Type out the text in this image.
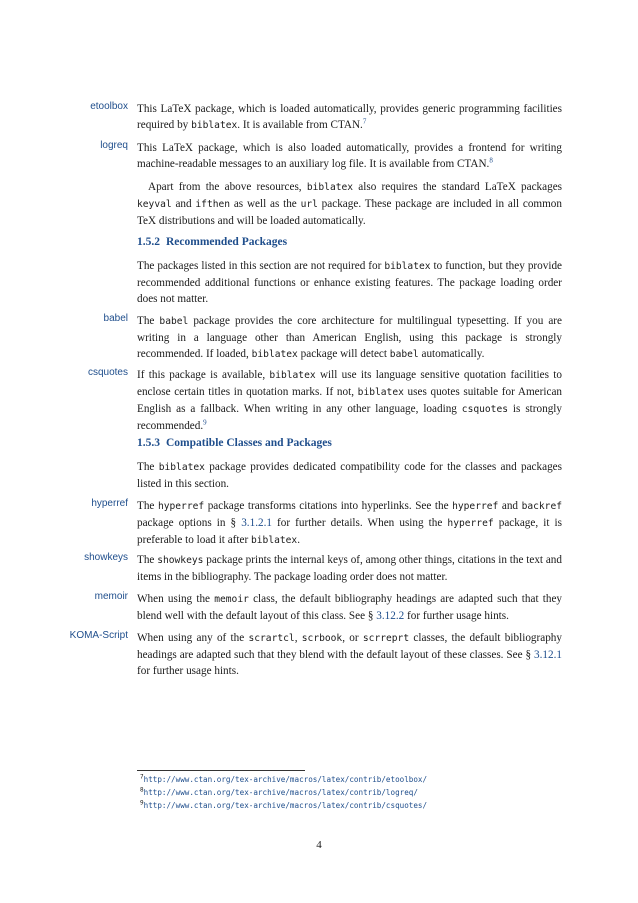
etoolbox This LaTeX package, which is loaded automatically, provides generic programming facilities required by biblatex. It is available from CTAN.$^7$
logreq This LaTeX package, which is also loaded automatically, provides a frontend for writing machine-readable messages to an auxiliary log file. It is available from CTAN.$^8$
Apart from the above resources, biblatex also requires the standard LaTeX packages keyval and ifthen as well as the url package. These package are included in all common TeX distributions and will be loaded automatically.
1.5.2 Recommended Packages
The packages listed in this section are not required for biblatex to function, but they provide recommended additional functions or enhance existing features. The package loading order does not matter.
babel The babel package provides the core architecture for multilingual typesetting. If you are writing in a language other than American English, using this package is strongly recommended. If loaded, biblatex package will detect babel automatically.
csquotes If this package is available, biblatex will use its language sensitive quotation facilities to enclose certain titles in quotation marks. If not, biblatex uses quotes suitable for American English as a fallback. When writing in any other language, loading csquotes is strongly recommended.$^9$
1.5.3 Compatible Classes and Packages
The biblatex package provides dedicated compatibility code for the classes and packages listed in this section.
hyperref The hyperref package transforms citations into hyperlinks. See the hyperref and backref package options in § 3.1.2.1 for further details. When using the hyperref package, it is preferable to load it after biblatex.
showkeys The showkeys package prints the internal keys of, among other things, citations in the text and items in the bibliography. The package loading order does not matter.
memoir When using the memoir class, the default bibliography headings are adapted such that they blend well with the default layout of this class. See § 3.12.2 for further usage hints.
KOMA-Script When using any of the scrartcl, scrbook, or scrreprt classes, the default bibliography headings are adapted such that they blend with the default layout of these classes. See § 3.12.1 for further usage hints.
$^7$http://www.ctan.org/tex-archive/macros/latex/contrib/etoolbox/
$^8$http://www.ctan.org/tex-archive/macros/latex/contrib/logreq/
$^9$http://www.ctan.org/tex-archive/macros/latex/contrib/csquotes/
4
